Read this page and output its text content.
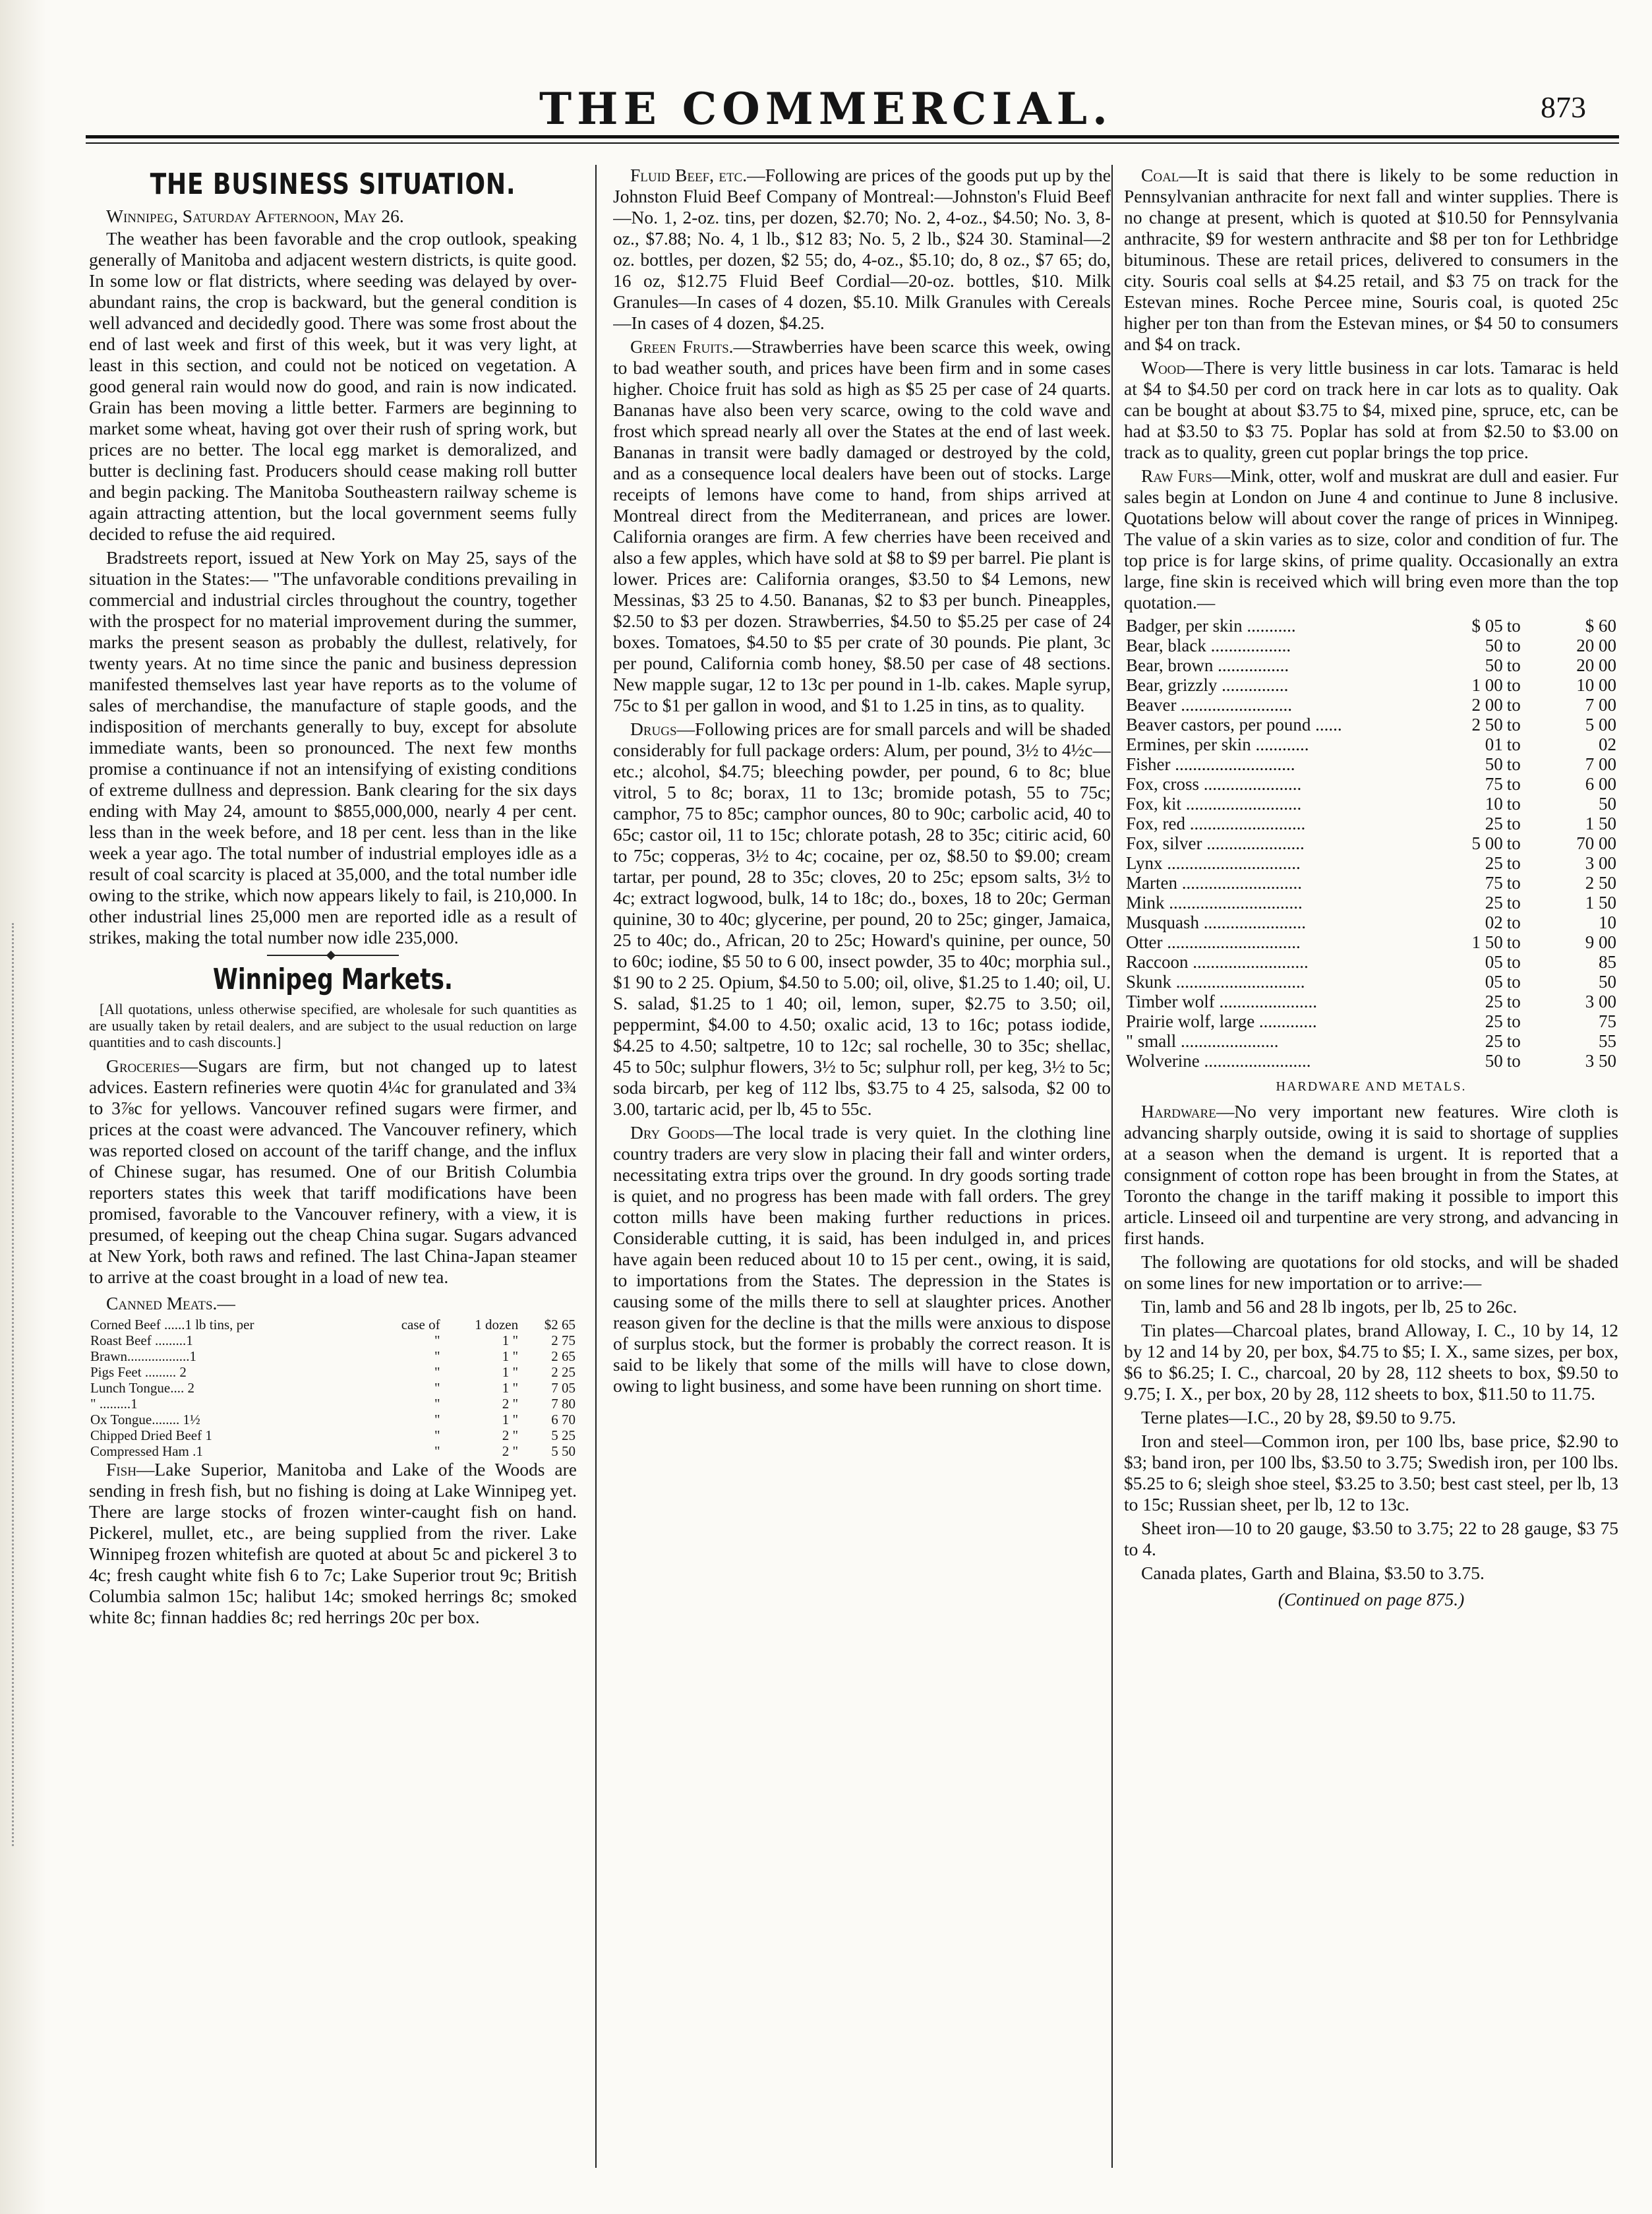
THE COMMERCIAL.	873
THE BUSINESS SITUATION.
Winnipeg, Saturday Afternoon, May 26.

The weather has been favorable and the crop outlook, speaking generally of Manitoba and adjacent western districts, is quite good. In some low or flat districts, where seeding was delayed by over-abundant rains, the crop is backward, but the general condition is well advanced and decidedly good. There was some frost about the end of last week and first of this week, but it was very light, at least in this section, and could not be noticed on vegetation. A good general rain would now do good, and rain is now indicated. Grain has been moving a little better. Farmers are beginning to market some wheat, having got over their rush of spring work, but prices are no better. The local egg market is demoralized, and butter is declining fast. Producers should cease making roll butter and begin packing. The Manitoba Southeastern railway scheme is again attracting attention, but the local government seems fully decided to refuse the aid required.

Bradstreets report, issued at New York on May 25, says of the situation in the States:— "The unfavorable conditions prevailing in commercial and industrial circles throughout the country, together with the prospect for no material improvement during the summer, marks the present season as probably the dullest, relatively, for twenty years. At no time since the panic and business depression manifested themselves last year have reports as to the volume of sales of merchandise, the manufacture of staple goods, and the indisposition of merchants generally to buy, except for absolute immediate wants, been so pronounced. The next few months promise a continuance if not an intensifying of existing conditions of extreme dullness and depression. Bank clearing for the six days ending with May 24, amount to $855,000,000, nearly 4 per cent. less than in the week before, and 18 per cent. less than in the like week a year ago. The total number of industrial employes idle as a result of coal scarcity is placed at 35,000, and the total number idle owing to the strike, which now appears likely to fail, is 210,000. In other industrial lines 25,000 men are reported idle as a result of strikes, making the total number now idle 235,000.

Winnipeg Markets.

[All quotations, unless otherwise specified, are wholesale for such quantities as are usually taken by retail dealers, and are subject to the usual reduction on large quantities and to cash discounts.]

Groceries—Sugars are firm, but not changed up to latest advices. Eastern refineries were quotin 4¼c for granulated and 3¾ to 3⅞c for yellows. Vancouver refined sugars were firmer, and prices at the coast were advanced. The Vancouver refinery, which was reported closed on account of the tariff change, and the influx of Chinese sugar, has resumed. One of our British Columbia reporters states this week that tariff modifications have been promised, favorable to the Vancouver refinery, with a view, it is presumed, of keeping out the cheap China sugar. Sugars advanced at New York, both raws and refined. The last China-Japan steamer to arrive at the coast brought in a load of new tea.

Canned Meats.—
Corned Beef ......1 lb tins, per	case of	1 dozen	$2 65
Roast Beef .........1	"	1 "	2 75
Brawn..................1	"	1 "	2 65
Pigs Feet ......... 2	"	1 "	2 25
Lunch Tongue.... 2	"	1 "	7 05
" .........1	"	2 "	7 80
Ox Tongue........ 1½	"	1 "	6 70
Chipped Dried Beef 1	"	2 "	5 25
Compressed Ham .1	"	2 "	5 50

Fish—Lake Superior, Manitoba and Lake of the Woods are sending in fresh fish, but no fishing is doing at Lake Winnipeg yet. There are large stocks of frozen winter-caught fish on hand. Pickerel, mullet, etc., are being supplied from the river. Lake Winnipeg frozen whitefish are quoted at about 5c and pickerel 3 to 4c; fresh caught white fish 6 to 7c; Lake Superior trout 9c; British Columbia salmon 15c; halibut 14c; smoked herrings 8c; smoked white 8c; finnan haddies 8c; red herrings 20c per box.

Fluid Beef, etc.—Following are prices of the goods put up by the Johnston Fluid Beef Company of Montreal:—Johnston's Fluid Beef—No. 1, 2-oz. tins, per dozen, $2.70; No. 2, 4-oz., $4.50; No. 3, 8-oz., $7.88; No. 4, 1 lb., $12 83; No. 5, 2 lb., $24 30. Staminal—2 oz. bottles, per dozen, $2 55; do, 4-oz., $5.10; do, 8 oz., $7 65; do, 16 oz, $12.75 Fluid Beef Cordial—20-oz. bottles, $10. Milk Granules—In cases of 4 dozen, $5.10. Milk Granules with Cereals—In cases of 4 dozen, $4.25.

Green Fruits.—Strawberries have been scarce this week, owing to bad weather south, and prices have been firm and in some cases higher. Choice fruit has sold as high as $5 25 per case of 24 quarts. Bananas have also been very scarce, owing to the cold wave and frost which spread nearly all over the States at the end of last week. Bananas in transit were badly damaged or destroyed by the cold, and as a consequence local dealers have been out of stocks. Large receipts of lemons have come to hand, from ships arrived at Montreal direct from the Mediterranean, and prices are lower. California oranges are firm. A few cherries have been received and also a few apples, which have sold at $8 to $9 per barrel. Pie plant is lower. Prices are: California oranges, $3.50 to $4 Lemons, new Messinas, $3 25 to 4.50. Bananas, $2 to $3 per bunch. Pineapples, $2.50 to $3 per dozen. Strawberries, $4.50 to $5.25 per case of 24 boxes. Tomatoes, $4.50 to $5 per crate of 30 pounds. Pie plant, 3c per pound, California comb honey, $8.50 per case of 48 sections. New mapple sugar, 12 to 13c per pound in 1-lb. cakes. Maple syrup, 75c to $1 per gallon in wood, and $1 to 1.25 in tins, as to quality.

Drugs—Following prices are for small parcels and will be shaded considerably for full package orders: Alum, per pound, 3½ to 4½c—etc.; alcohol, $4.75; bleeching powder, per pound, 6 to 8c; blue vitrol, 5 to 8c; borax, 11 to 13c; bromide potash, 55 to 75c; camphor, 75 to 85c; camphor ounces, 80 to 90c; carbolic acid, 40 to 65c; castor oil, 11 to 15c; chlorate potash, 28 to 35c; citiric acid, 60 to 75c; copperas, 3½ to 4c; cocaine, per oz, $8.50 to $9.00; cream tartar, per pound, 28 to 35c; cloves, 20 to 25c; epsom salts, 3½ to 4c; extract logwood, bulk, 14 to 18c; do., boxes, 18 to 20c; German quinine, 30 to 40c; glycerine, per pound, 20 to 25c; ginger, Jamaica, 25 to 40c; do., African, 20 to 25c; Howard's quinine, per ounce, 50 to 60c; iodine, $5 50 to 6 00, insect powder, 35 to 40c; morphia sul., $1 90 to 2 25. Opium, $4.50 to 5.00; oil, olive, $1.25 to 1.40; oil, U. S. salad, $1.25 to 1 40; oil, lemon, super, $2.75 to 3.50; oil, peppermint, $4.00 to 4.50; oxalic acid, 13 to 16c; potass iodide, $4.25 to 4.50; saltpetre, 10 to 12c; sal rochelle, 30 to 35c; shellac, 45 to 50c; sulphur flowers, 3½ to 5c; sulphur roll, per keg, 3½ to 5c; soda bircarb, per keg of 112 lbs, $3.75 to 4 25, salsoda, $2 00 to 3.00, tartaric acid, per lb, 45 to 55c.

Dry Goods—The local trade is very quiet. In the clothing line country traders are very slow in placing their fall and winter orders, necessitating extra trips over the ground. In dry goods sorting trade is quiet, and no progress has been made with fall orders. The grey cotton mills have been making further reductions in prices. Considerable cutting, it is said, has been indulged in, and prices have again been reduced about 10 to 15 per cent., owing, it is said, to importations from the States. The depression in the States is causing some of the mills there to sell at slaughter prices. Another reason given for the decline is that the mills were anxious to dispose of surplus stock, but the former is probably the correct reason. It is said to be likely that some of the mills will have to close down, owing to light business, and some have been running on short time.

Coal—It is said that there is likely to be some reduction in Pennsylvanian anthracite for next fall and winter supplies. There is no change at present, which is quoted at $10.50 for Pennsylvania anthracite, $9 for western anthracite and $8 per ton for Lethbridge bituminous. These are retail prices, delivered to consumers in the city. Souris coal sells at $4.25 retail, and $3 75 on track for the Estevan mines. Roche Percee mine, Souris coal, is quoted 25c higher per ton than from the Estevan mines, or $4 50 to consumers and $4 on track.

Wood—There is very little business in car lots. Tamarac is held at $4 to $4.50 per cord on track here in car lots as to quality. Oak can be bought at about $3.75 to $4, mixed pine, spruce, etc, can be had at $3.50 to $3 75. Poplar has sold at from $2.50 to $3.00 on track as to quality, green cut poplar brings the top price.

Raw Furs—Mink, otter, wolf and muskrat are dull and easier. Fur sales begin at London on June 4 and continue to June 8 inclusive. Quotations below will about cover the range of prices in Winnipeg. The value of a skin varies as to size, color and condition of fur. The top price is for large skins, of prime quality. Occasionally an extra large, fine skin is received which will bring even more than the top quotation.—

Badger, per skin ...........	$ 05	to	$ 60
Bear, black ..................	50	to	20 00
Bear, brown ................	50	to	20 00
Bear, grizzly ...............	1 00	to	10 00
Beaver .........................	2 00	to	7 00
Beaver castors, per pound ......	2 50	to	5 00
Ermines, per skin ............	01	to	02
Fisher ...........................	50	to	7 00
Fox, cross ......................	75	to	6 00
Fox, kit ..........................	10	to	50
Fox, red ..........................	25	to	1 50
Fox, silver ......................	5 00	to	70 00
Lynx ..............................	25	to	3 00
Marten ...........................	75	to	2 50
Mink ..............................	25	to	1 50
Musquash .......................	02	to	10
Otter ..............................	1 50	to	9 00
Raccoon ..........................	05	to	85
Skunk .............................	05	to	50
Timber wolf ......................	25	to	3 00
Prairie wolf, large .............	25	to	75
" small ......................	25	to	55
Wolverine ........................	50	to	3 50
HARDWARE AND METALS.

Hardware—No very important new features. Wire cloth is advancing sharply outside, owing it is said to shortage of supplies at a season when the demand is urgent. It is reported that a consignment of cotton rope has been brought in from the States, at Toronto the change in the tariff making it possible to import this article. Linseed oil and turpentine are very strong, and advancing in first hands.

The following are quotations for old stocks, and will be shaded on some lines for new importation or to arrive:—

Tin, lamb and 56 and 28 lb ingots, per lb, 25 to 26c.

Tin plates—Charcoal plates, brand Alloway, I. C., 10 by 14, 12 by 12 and 14 by 20, per box, $4.75 to $5; I. X., same sizes, per box, $6 to $6.25; I. C., charcoal, 20 by 28, 112 sheets to box, $9.50 to 9.75; I. X., per box, 20 by 28, 112 sheets to box, $11.50 to 11.75.

Terne plates—I.C., 20 by 28, $9.50 to 9.75.

Iron and steel—Common iron, per 100 lbs, base price, $2.90 to $3; band iron, per 100 lbs, $3.50 to 3.75; Swedish iron, per 100 lbs. $5.25 to 6; sleigh shoe steel, $3.25 to 3.50; best cast steel, per lb, 13 to 15c; Russian sheet, per lb, 12 to 13c.

Sheet iron—10 to 20 gauge, $3.50 to 3.75; 22 to 28 gauge, $3 75 to 4.

Canada plates, Garth and Blaina, $3.50 to 3.75.

(Continued on page 875.)
